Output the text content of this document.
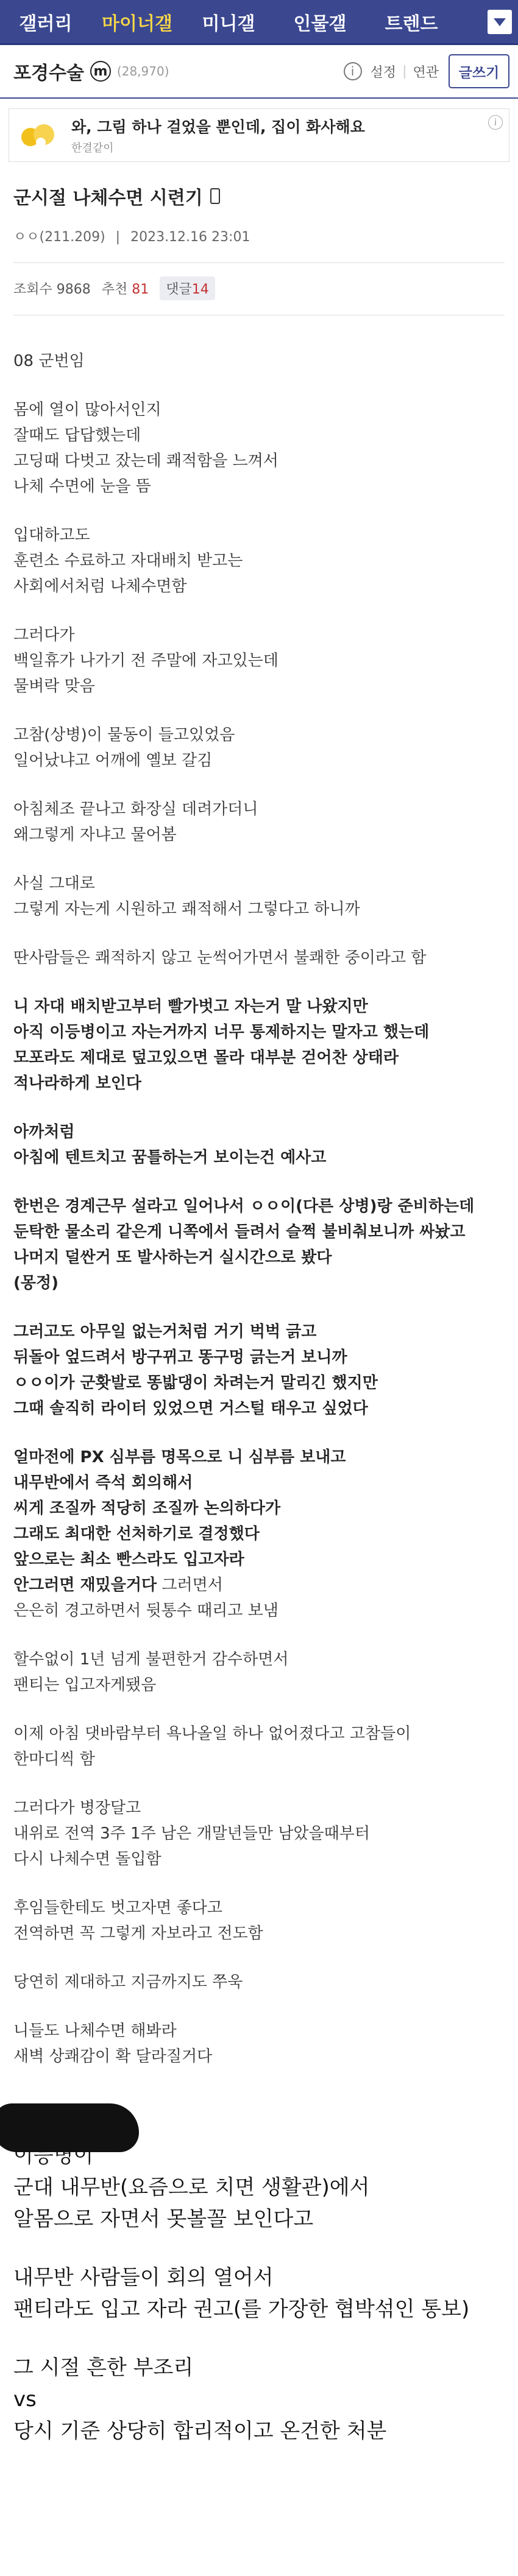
갤러리	마이너갤	미니갤	인물갤	트렌드
포경수술 m (28,970)	i	설정 | 연관	글쓰기
와, 그림 하나 걸었을 뿐인데, 집이 화사해요
한결같이
i
군시절 나체수면 시련기
ㅇㅇ(211.209) | 2023.12.16 23:01
조회수 9868 추천 81	댓글14
08 군번임
몸에 열이 많아서인지
잘때도 답답했는데
고딩때 다벗고 잤는데 쾌적함을 느껴서
나체 수면에 눈을 뜸
입대하고도
훈련소 수료하고 자대배치 받고는
사회에서처럼 나체수면함
그러다가
백일휴가 나가기 전 주말에 자고있는데
물벼락 맞음
고참(상병)이 물동이 들고있었음
일어났냐고 어깨에 옐보 갈김
아침체조 끝나고 화장실 데려가더니
왜그렇게 자냐고 물어봄
사실 그대로
그렇게 자는게 시원하고 쾌적해서 그렇다고 하니까
딴사람들은 쾌적하지 않고 눈썩어가면서 불쾌한 중이라고 함
니 자대 배치받고부터 빨가벗고 자는거 말 나왔지만
아직 이등병이고 자는거까지 너무 통제하지는 말자고 했는데
모포라도 제대로 덮고있으면 몰라 대부분 걷어찬 상태라
적나라하게 보인다
아까처럼
아침에 텐트치고 꿈틀하는거 보이는건 예사고
한번은 경계근무 설라고 일어나서 ㅇㅇ이(다른 상병)랑 준비하는데
둔탁한 물소리 같은게 니쪽에서 들려서 슬쩍 불비춰보니까 싸놨고
나머지 덜싼거 또 발사하는거 실시간으로 봤다
(몽정)
그러고도 아무일 없는거처럼 거기 벅벅 긁고
뒤돌아 엎드려서 방구뀌고 똥구멍 긁는거 보니까
ㅇㅇ이가 군홧발로 똥밟댕이 차려는거 말리긴 했지만
그때 솔직히 라이터 있었으면 거스털 태우고 싶었다
얼마전에 PX 심부름 명목으로 니 심부름 보내고
내무반에서 즉석 회의해서
씨게 조질까 적당히 조질까 논의하다가
그래도 최대한 선처하기로 결정했다
앞으로는 최소 빤스라도 입고자라
안그러면 재밌을거다 그러면서
은은히 경고하면서 뒷통수 때리고 보냄
할수없이 1년 넘게 불편한거 감수하면서
팬티는 입고자게됐음
이제 아침 댓바람부터 욕나올일 하나 없어졌다고 고참들이
한마디씩 함
그러다가 병장달고
내위로 전역 3주 1주 남은 개말년들만 남았을때부터
다시 나체수면 돌입함
후임들한테도 벗고자면 좋다고
전역하면 꼭 그렇게 자보라고 전도함
당연히 제대하고 지금까지도 쭈욱
니들도 나체수면 해봐라
새벽 상쾌감이 확 달라질거다
이등병이
군대 내무반(요즘으로 치면 생활관)에서
알몸으로 자면서 못볼꼴 보인다고
내무반 사람들이 회의 열어서
팬티라도 입고 자라 권고(를 가장한 협박섞인 통보)
그 시절 흔한 부조리
vs
당시 기준 상당히 합리적이고 온건한 처분
